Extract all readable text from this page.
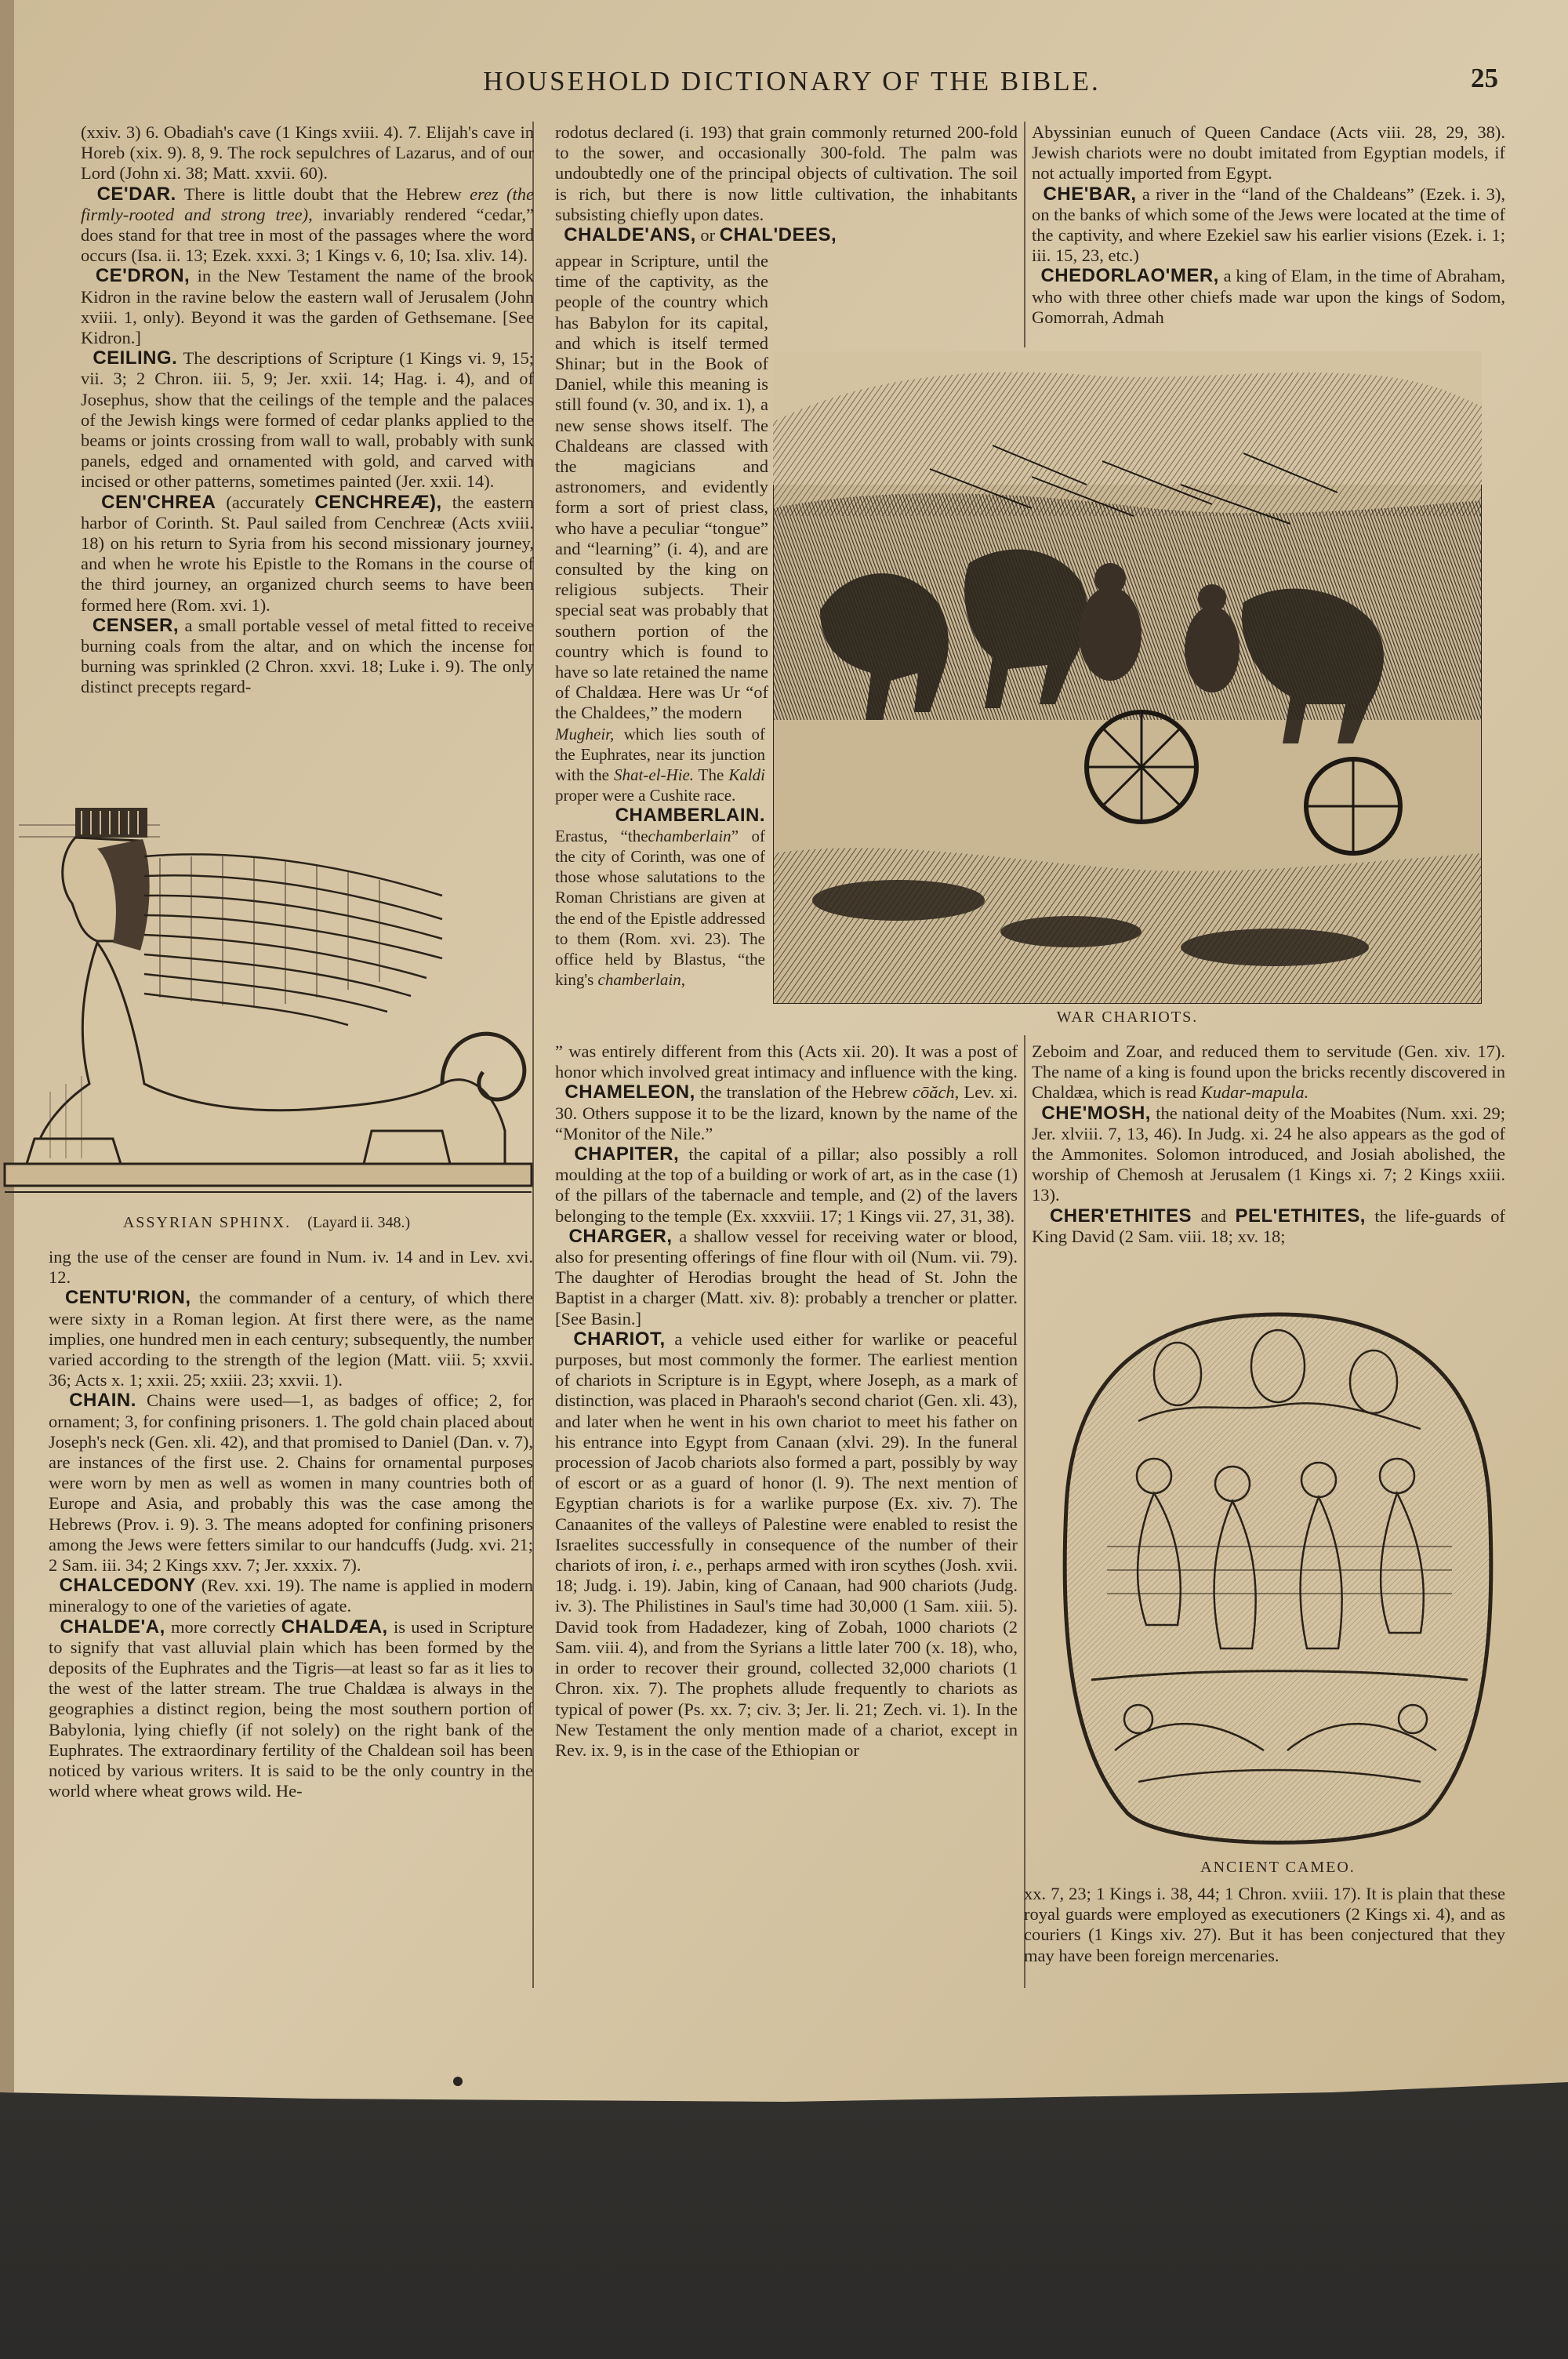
HOUSEHOLD DICTIONARY OF THE BIBLE.	25

(xxiv. 3) 6. Obadiah's cave (1 Kings xviii. 4). 7. Elijah's cave in Horeb (xix. 9). 8, 9. The rock sepulchres of Lazarus, and of our Lord (John xi. 38; Matt. xxvii. 60).

CE'DAR. There is little doubt that the Hebrew erez (the firmly-rooted and strong tree), invariably rendered “cedar,” does stand for that tree in most of the passages where the word occurs (Isa. ii. 13; Ezek. xxxi. 3; 1 Kings v. 6, 10; Isa. xliv. 14).

CE'DRON, in the New Testament the name of the brook Kidron in the ravine below the eastern wall of Jerusalem (John xviii. 1, only). Beyond it was the garden of Gethsemane. [See Kidron.]

CEILING. The descriptions of Scripture (1 Kings vi. 9, 15; vii. 3; 2 Chron. iii. 5, 9; Jer. xxii. 14; Hag. i. 4), and of Josephus, show that the ceilings of the temple and the palaces of the Jewish kings were formed of cedar planks applied to the beams or joints crossing from wall to wall, probably with sunk panels, edged and ornamented with gold, and carved with incised or other patterns, sometimes painted (Jer. xxii. 14).

CEN'CHREA (accurately CENCHREÆ), the eastern harbor of Corinth. St. Paul sailed from Cenchreæ (Acts xviii. 18) on his return to Syria from his second missionary journey, and when he wrote his Epistle to the Romans in the course of the third journey, an organized church seems to have been formed here (Rom. xvi. 1).

CENSER, a small portable vessel of metal fitted to receive burning coals from the altar, and on which the incense for burning was sprinkled (2 Chron. xxvi. 18; Luke i. 9). The only distinct precepts regard-

ASSYRIAN SPHINX. (Layard ii. 348.)

ing the use of the censer are found in Num. iv. 14 and in Lev. xvi. 12.

CENTU'RION, the commander of a century, of which there were sixty in a Roman legion. At first there were, as the name implies, one hundred men in each century; subsequently, the number varied according to the strength of the legion (Matt. viii. 5; xxvii. 36; Acts x. 1; xxii. 25; xxiii. 23; xxvii. 1).

CHAIN. Chains were used—1, as badges of office; 2, for ornament; 3, for confining prisoners. 1. The gold chain placed about Joseph's neck (Gen. xli. 42), and that promised to Daniel (Dan. v. 7), are instances of the first use. 2. Chains for ornamental purposes were worn by men as well as women in many countries both of Europe and Asia, and probably this was the case among the Hebrews (Prov. i. 9). 3. The means adopted for confining prisoners among the Jews were fetters similar to our handcuffs (Judg. xvi. 21; 2 Sam. iii. 34; 2 Kings xxv. 7; Jer. xxxix. 7).

CHALCEDONY (Rev. xxi. 19). The name is applied in modern mineralogy to one of the varieties of agate.

CHALDE'A, more correctly CHALDÆA, is used in Scripture to signify that vast alluvial plain which has been formed by the deposits of the Euphrates and the Tigris—at least so far as it lies to the west of the latter stream. The true Chaldæa is always in the geographies a distinct region, being the most southern portion of Babylonia, lying chiefly (if not solely) on the right bank of the Euphrates. The extraordinary fertility of the Chaldean soil has been noticed by various writers. It is said to be the only country in the world where wheat grows wild. He-

rodotus declared (i. 193) that grain commonly returned 200-fold to the sower, and occasionally 300-fold. The palm was undoubtedly one of the principal objects of cultivation. The soil is rich, but there is now little cultivation, the inhabitants subsisting chiefly upon dates.

CHALDE'ANS, or CHAL'DEES,

WAR CHARIOTS.

Mugheir, which lies south of the Euphrates, near its junction with the Shat-el-Hie. The Kaldi proper were a Cushite race.

CHAMBERLAIN. Erastus, “thechamberlain” of the city of Corinth, was one of those whose salutations to the Roman Christians are given at the end of the Epistle addressed to them (Rom. xvi. 23). The office held by Blastus, “the king's chamberlain,

” was entirely different from this (Acts xii. 20). It was a post of honor which involved great intimacy and influence with the king.

CHAMELEON, the translation of the Hebrew cōăch, Lev. xi. 30. Others suppose it to be the lizard, known by the name of the “Monitor of the Nile.”

CHAPITER, the capital of a pillar; also possibly a roll moulding at the top of a building or work of art, as in the case (1) of the pillars of the tabernacle and temple, and (2) of the lavers belonging to the temple (Ex. xxxviii. 17; 1 Kings vii. 27, 31, 38).

CHARGER, a shallow vessel for receiving water or blood, also for presenting offerings of fine flour with oil (Num. vii. 79). The daughter of Herodias brought the head of St. John the Baptist in a charger (Matt. xiv. 8): probably a trencher or platter. [See Basin.]

CHARIOT, a vehicle used either for warlike or peaceful purposes, but most commonly the former. The earliest mention of chariots in Scripture is in Egypt, where Joseph, as a mark of distinction, was placed in Pharaoh's second chariot (Gen. xli. 43), and later when he went in his own chariot to meet his father on his entrance into Egypt from Canaan (xlvi. 29). In the funeral procession of Jacob chariots also formed a part, possibly by way of escort or as a guard of honor (l. 9). The next mention of Egyptian chariots is for a warlike purpose (Ex. xiv. 7). The Canaanites of the valleys of Palestine were enabled to resist the Israelites successfully in consequence of the number of their chariots of iron, i. e., perhaps armed with iron scythes (Josh. xvii. 18; Judg. i. 19). Jabin, king of Canaan, had 900 chariots (Judg. iv. 3). The Philistines in Saul's time had 30,000 (1 Sam. xiii. 5). David took from Hadadezer, king of Zobah, 1000 chariots (2 Sam. viii. 4), and from the Syrians a little later 700 (x. 18), who, in order to recover their ground, collected 32,000 chariots (1 Chron. xix. 7). The prophets allude frequently to chariots as typical of power (Ps. xx. 7; civ. 3; Jer. li. 21; Zech. vi. 1). In the New Testament the only mention made of a chariot, except in Rev. ix. 9, is in the case of the Ethiopian or

Abyssinian eunuch of Queen Candace (Acts viii. 28, 29, 38). Jewish chariots were no doubt imitated from Egyptian models, if not actually imported from Egypt.

CHE'BAR, a river in the “land of the Chaldeans” (Ezek. i. 3), on the banks of which some of the Jews were located at the time of the captivity, and where Ezekiel saw his earlier visions (Ezek. i. 1; iii. 15, 23, etc.)

CHEDORLAO'MER, a king of Elam, in the time of Abraham, who with three other chiefs made war upon the kings of Sodom, Gomorrah, Admah

Zeboim and Zoar, and reduced them to servitude (Gen. xiv. 17). The name of a king is found upon the bricks recently discovered in Chaldæa, which is read Kudar-mapula.

CHE'MOSH, the national deity of the Moabites (Num. xxi. 29; Jer. xlviii. 7, 13, 46). In Judg. xi. 24 he also appears as the god of the Ammonites. Solomon introduced, and Josiah abolished, the worship of Chemosh at Jerusalem (1 Kings xi. 7; 2 Kings xxiii. 13).

CHER'ETHITES and PEL'ETHITES, the life-guards of King David (2 Sam. viii. 18; xv. 18;

ANCIENT CAMEO.

xx. 7, 23; 1 Kings i. 38, 44; 1 Chron. xviii. 17). It is plain that these royal guards were employed as executioners (2 Kings xi. 4), and as couriers (1 Kings xiv. 27). But it has been conjectured that they may have been foreign mercenaries.

appear in Scripture, until the time of the captivity, as the people of the country which has Babylon for its capital, and which is itself termed Shinar; but in the Book of Daniel, while this meaning is still found (v. 30, and ix. 1), a new sense shows itself. The Chaldeans are classed with the magicians and astronomers, and evidently form a sort of priest class, who have a peculiar “tongue” and “learning” (i. 4), and are consulted by the king on religious subjects. Their special seat was probably that southern portion of the country which is found to have so late retained the name of Chaldæa. Here was Ur “of the Chaldees,” the modern
